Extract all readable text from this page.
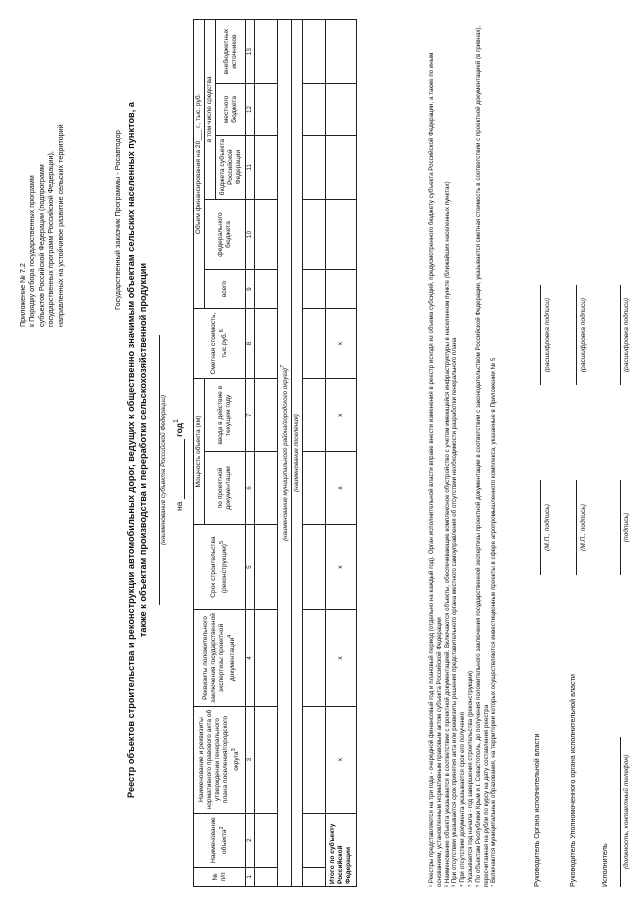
Приложение № 7.2 к Порядку отбора государственных программ субъектов Российской Федерации (подпрограмм государственных программ Российской Федерации), направленных на устойчивое развитие сельских территорий	Государственный заказчик Программы - Росавтодор Реестр объектов строительства и реконструкции автомобильных дорог, ведущих к общественно значимым объектам сельских населенных пунктов, а также к объектам производства и переработки сельскохозяйственной продукции (наименование субъекта Российской Федерации) на   год$^1$
№ п/п	Наименование объекта$^2$	Наименование и реквизиты нормативного правового акта об утверждении генерального плана поселения/городского округа$^3$	Реквизиты положительного заключения государственной экспертизы проектной документации$^4$	Срок строительства (реконструкции)$^5$	Мощность объекта (км)		Сметная стоимость, тыс.руб.$^6$	Объем финансирования на 20___ г., тыс. руб.				
					по проектной документации	ввода в действие в текущем году		всего	федерального бюджета	в том числе средства		
										бюджета субъекта Российской Федерации	местного бюджета	внебюджетных источников

1	2	3	4	5	6	7	8	9	10	11	12	13

(наименование муниципального района/городского округа)$^7$
(наименование поселения)												

Итого по субъекту Российской Федерации		x	x	x	x	x	x						¹ Реестры представляются на три года - очередной финансовый год и плановый период (отдельно на каждый год). Орган исполнительной власти вправе внести изменения в реестр исходя из объема субсидий, предусмотренного бюджету субъекта Российской Федерации, а также по иным основаниям, установленным нормативным правовым актом субъекта Российской Федерации ² Наименование объекта указывается в соответствии с проектной документацией. Включаются объекты, обеспечивающие комплексное обустройство с учетом имеющейся инфраструктуры в населенном пункте (ближайших населенных пунктах) ³ При отсутствии указывается срок принятия акта или реквизиты решения представительного органа местного самоуправления об отсутствии необходимости разработки генерального плана ⁴ При отсутствии документа указывается срок его получения ⁵ Указывается год начала - год завершения строительства (реконструкции) ⁶ По объектам Республики Крым и г. Севастополь, до получения положительного заключения государственной экспертизы проектной документации в соответствии с законодательством Российской Федерации, указывается сметная стоимость в соответствии с проектной документацией (в гривнах), пересчитанная на рубли по курсу на дату составления реестра ⁷ Включаются муниципальные образования, на территории которых осуществляются инвестиционные проекты в сфере агропромышленного комплекса, указанные в Приложении № 5	Руководитель Органа исполнительной власти
(М.П., подпись)
(расшифровка подписи)
Руководитель Уполномоченного органа исполнительной власти
(М.П., подпись)
(расшифровка подписи)
Исполнитель (должность, контактный телефон)
(подпись)
(расшифровка подписи)
